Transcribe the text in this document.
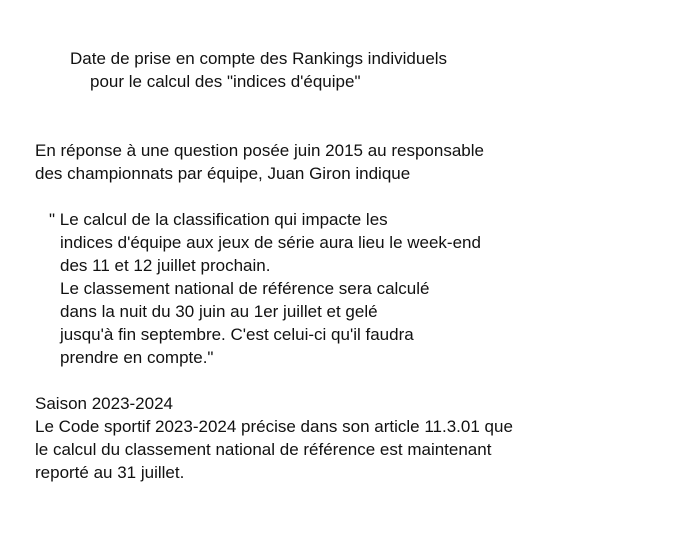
Date de prise en compte des Rankings individuels
pour le calcul des "indices d'équipe"
En réponse à une question posée juin 2015 au responsable
des championnats par équipe, Juan Giron indique
" Le calcul de la classification qui impacte les
indices d'équipe aux jeux de série aura lieu le week-end
des 11 et 12 juillet prochain.
Le classement national de référence sera calculé
dans la nuit du 30 juin au 1er juillet et gelé
jusqu'à fin septembre. C'est celui-ci qu'il faudra
prendre en compte."
Saison 2023-2024
Le Code sportif 2023-2024 précise dans son article 11.3.01 que
le calcul du classement national de référence est maintenant
reporté au 31 juillet.
